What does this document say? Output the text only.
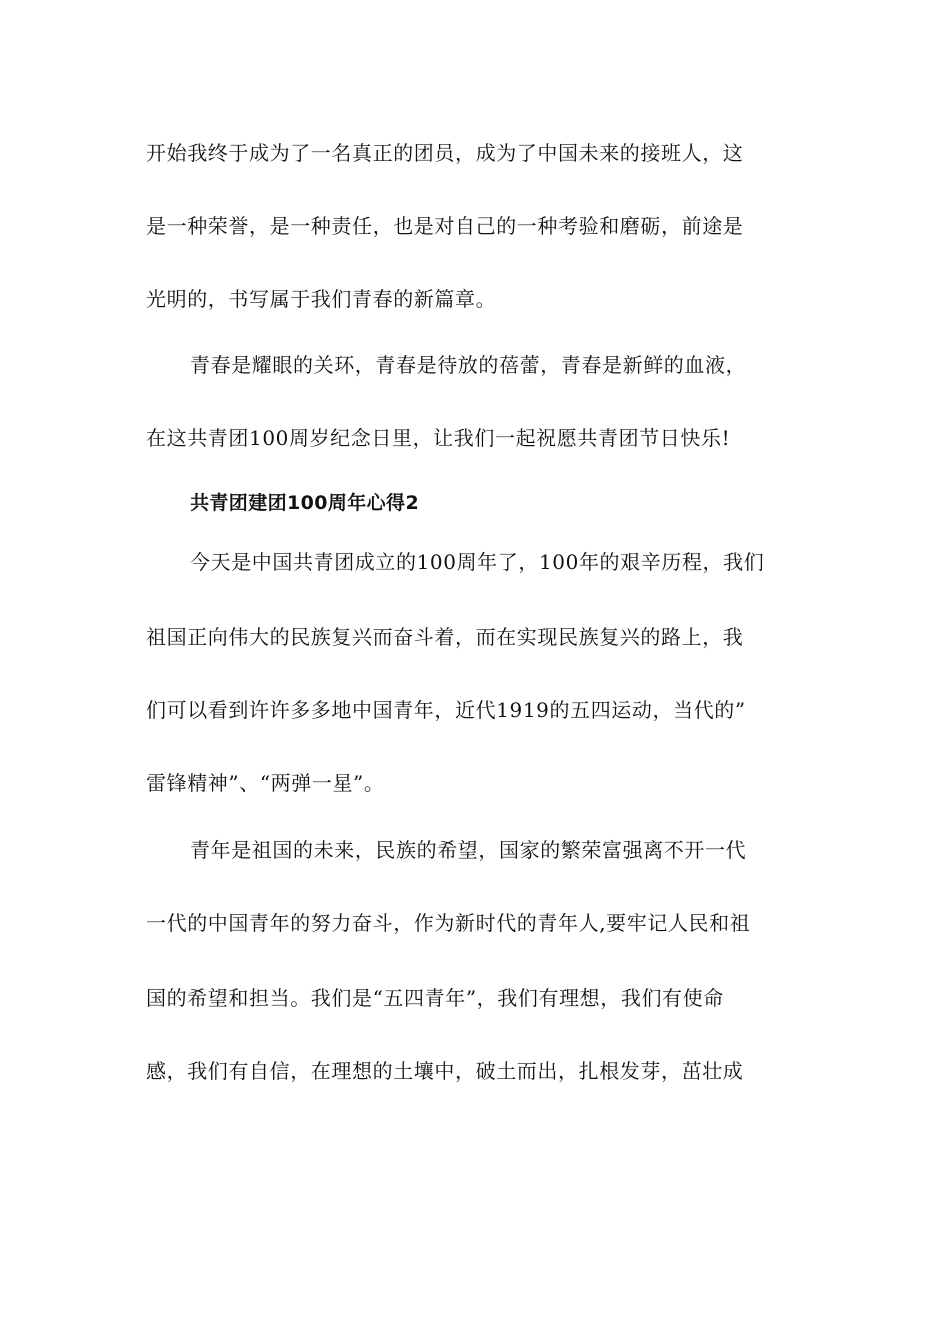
开始我终于成为了一名真正的团员，成为了中国未来的接班人，这
是一种荣誉，是一种责任，也是对自己的一种考验和磨砺，前途是
光明的，书写属于我们青春的新篇章。
青春是耀眼的关环，青春是待放的蓓蕾，青春是新鲜的血液，
在这共青团100周岁纪念日里，让我们一起祝愿共青团节日快乐!
共青团建团100周年心得2
今天是中国共青团成立的100周年了，100年的艰辛历程，我们
祖国正向伟大的民族复兴而奋斗着，而在实现民族复兴的路上，我
们可以看到许许多多地中国青年，近代1919的五四运动，当代的”
雷锋精神”、“两弹一星”。
青年是祖国的未来，民族的希望，国家的繁荣富强离不开一代
一代的中国青年的努力奋斗，作为新时代的青年人,要牢记人民和祖
国的希望和担当。我们是“五四青年”，我们有理想，我们有使命
感，我们有自信，在理想的土壤中，破土而出，扎根发芽，茁壮成
